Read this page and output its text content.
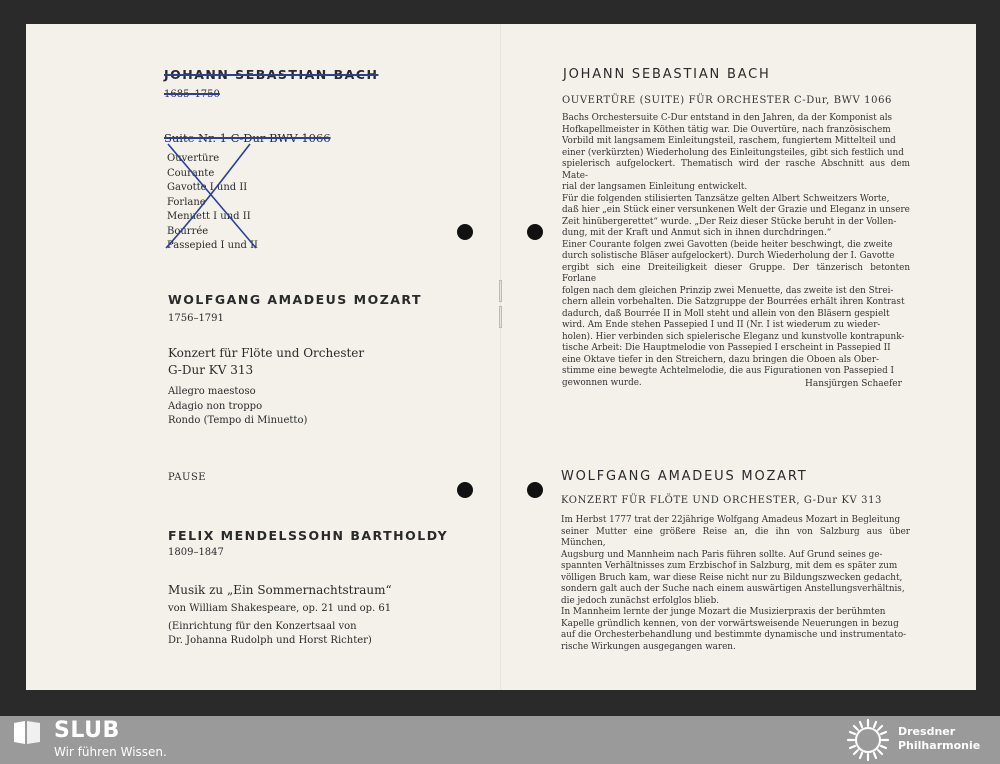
JOHANN SEBASTIAN BACH
1685–1750
Suite Nr. 1 C-Dur BWV 1066
Ouvertüre
Courante
Gavotte I und II
Forlane
Menuett I und II
Bourrée
Passepied I und II
WOLFGANG AMADEUS MOZART
1756–1791
Konzert für Flöte und Orchester
G-Dur KV 313
Allegro maestoso
Adagio non troppo
Rondo (Tempo di Minuetto)
PAUSE
FELIX MENDELSSOHN BARTHOLDY
1809–1847
Musik zu „Ein Sommernachtstraum“
von William Shakespeare, op. 21 und op. 61
(Einrichtung für den Konzertsaal von
Dr. Johanna Rudolph und Horst Richter)
JOHANN SEBASTIAN BACH
OUVERTÜRE (SUITE) FÜR ORCHESTER C-Dur, BWV 1066
Bachs Orchestersuite C-Dur entstand in den Jahren, da der Komponist als
Hofkapellmeister in Köthen tätig war. Die Ouvertüre, nach französischem
Vorbild mit langsamem Einleitungsteil, raschem, fungiertem Mittelteil und
einer (verkürzten) Wiederholung des Einleitungsteiles, gibt sich festlich und
spielerisch aufgelockert. Thematisch wird der rasche Abschnitt aus dem Mate-
rial der langsamen Einleitung entwickelt.
Für die folgenden stilisierten Tanzsätze gelten Albert Schweitzers Worte,
daß hier „ein Stück einer versunkenen Welt der Grazie und Eleganz in unsere
Zeit hinübergerettet“ wurde. „Der Reiz dieser Stücke beruht in der Vollen-
dung, mit der Kraft und Anmut sich in ihnen durchdringen.“
Einer Courante folgen zwei Gavotten (beide heiter beschwingt, die zweite
durch solistische Bläser aufgelockert). Durch Wiederholung der I. Gavotte
ergibt sich eine Dreiteiligkeit dieser Gruppe. Der tänzerisch betonten Forlane
folgen nach dem gleichen Prinzip zwei Menuette, das zweite ist den Strei-
chern allein vorbehalten. Die Satzgruppe der Bourrées erhält ihren Kontrast
dadurch, daß Bourrée II in Moll steht und allein von den Bläsern gespielt
wird. Am Ende stehen Passepied I und II (Nr. I ist wiederum zu wieder-
holen). Hier verbinden sich spielerische Eleganz und kunstvolle kontrapunk-
tische Arbeit: Die Hauptmelodie von Passepied I erscheint in Passepied II
eine Oktave tiefer in den Streichern, dazu bringen die Oboen als Ober-
stimme eine bewegte Achtelmelodie, die aus Figurationen von Passepied I
gewonnen wurde.	Hansjürgen Schaefer
WOLFGANG AMADEUS MOZART
KONZERT FÜR FLÖTE UND ORCHESTER, G-Dur KV 313
Im Herbst 1777 trat der 22jährige Wolfgang Amadeus Mozart in Begleitung
seiner Mutter eine größere Reise an, die ihn von Salzburg aus über München,
Augsburg und Mannheim nach Paris führen sollte. Auf Grund seines ge-
spannten Verhältnisses zum Erzbischof in Salzburg, mit dem es später zum
völligen Bruch kam, war diese Reise nicht nur zu Bildungszwecken gedacht,
sondern galt auch der Suche nach einem auswärtigen Anstellungsverhältnis,
die jedoch zunächst erfolglos blieb.
In Mannheim lernte der junge Mozart die Musizierpraxis der berühmten
Kapelle gründlich kennen, von der vorwärtsweisende Neuerungen in bezug
auf die Orchesterbehandlung und bestimmte dynamische und instrumentato-
rische Wirkungen ausgegangen waren.
SLUB
Wir führen Wissen.
Dresdner
Philharmonie
